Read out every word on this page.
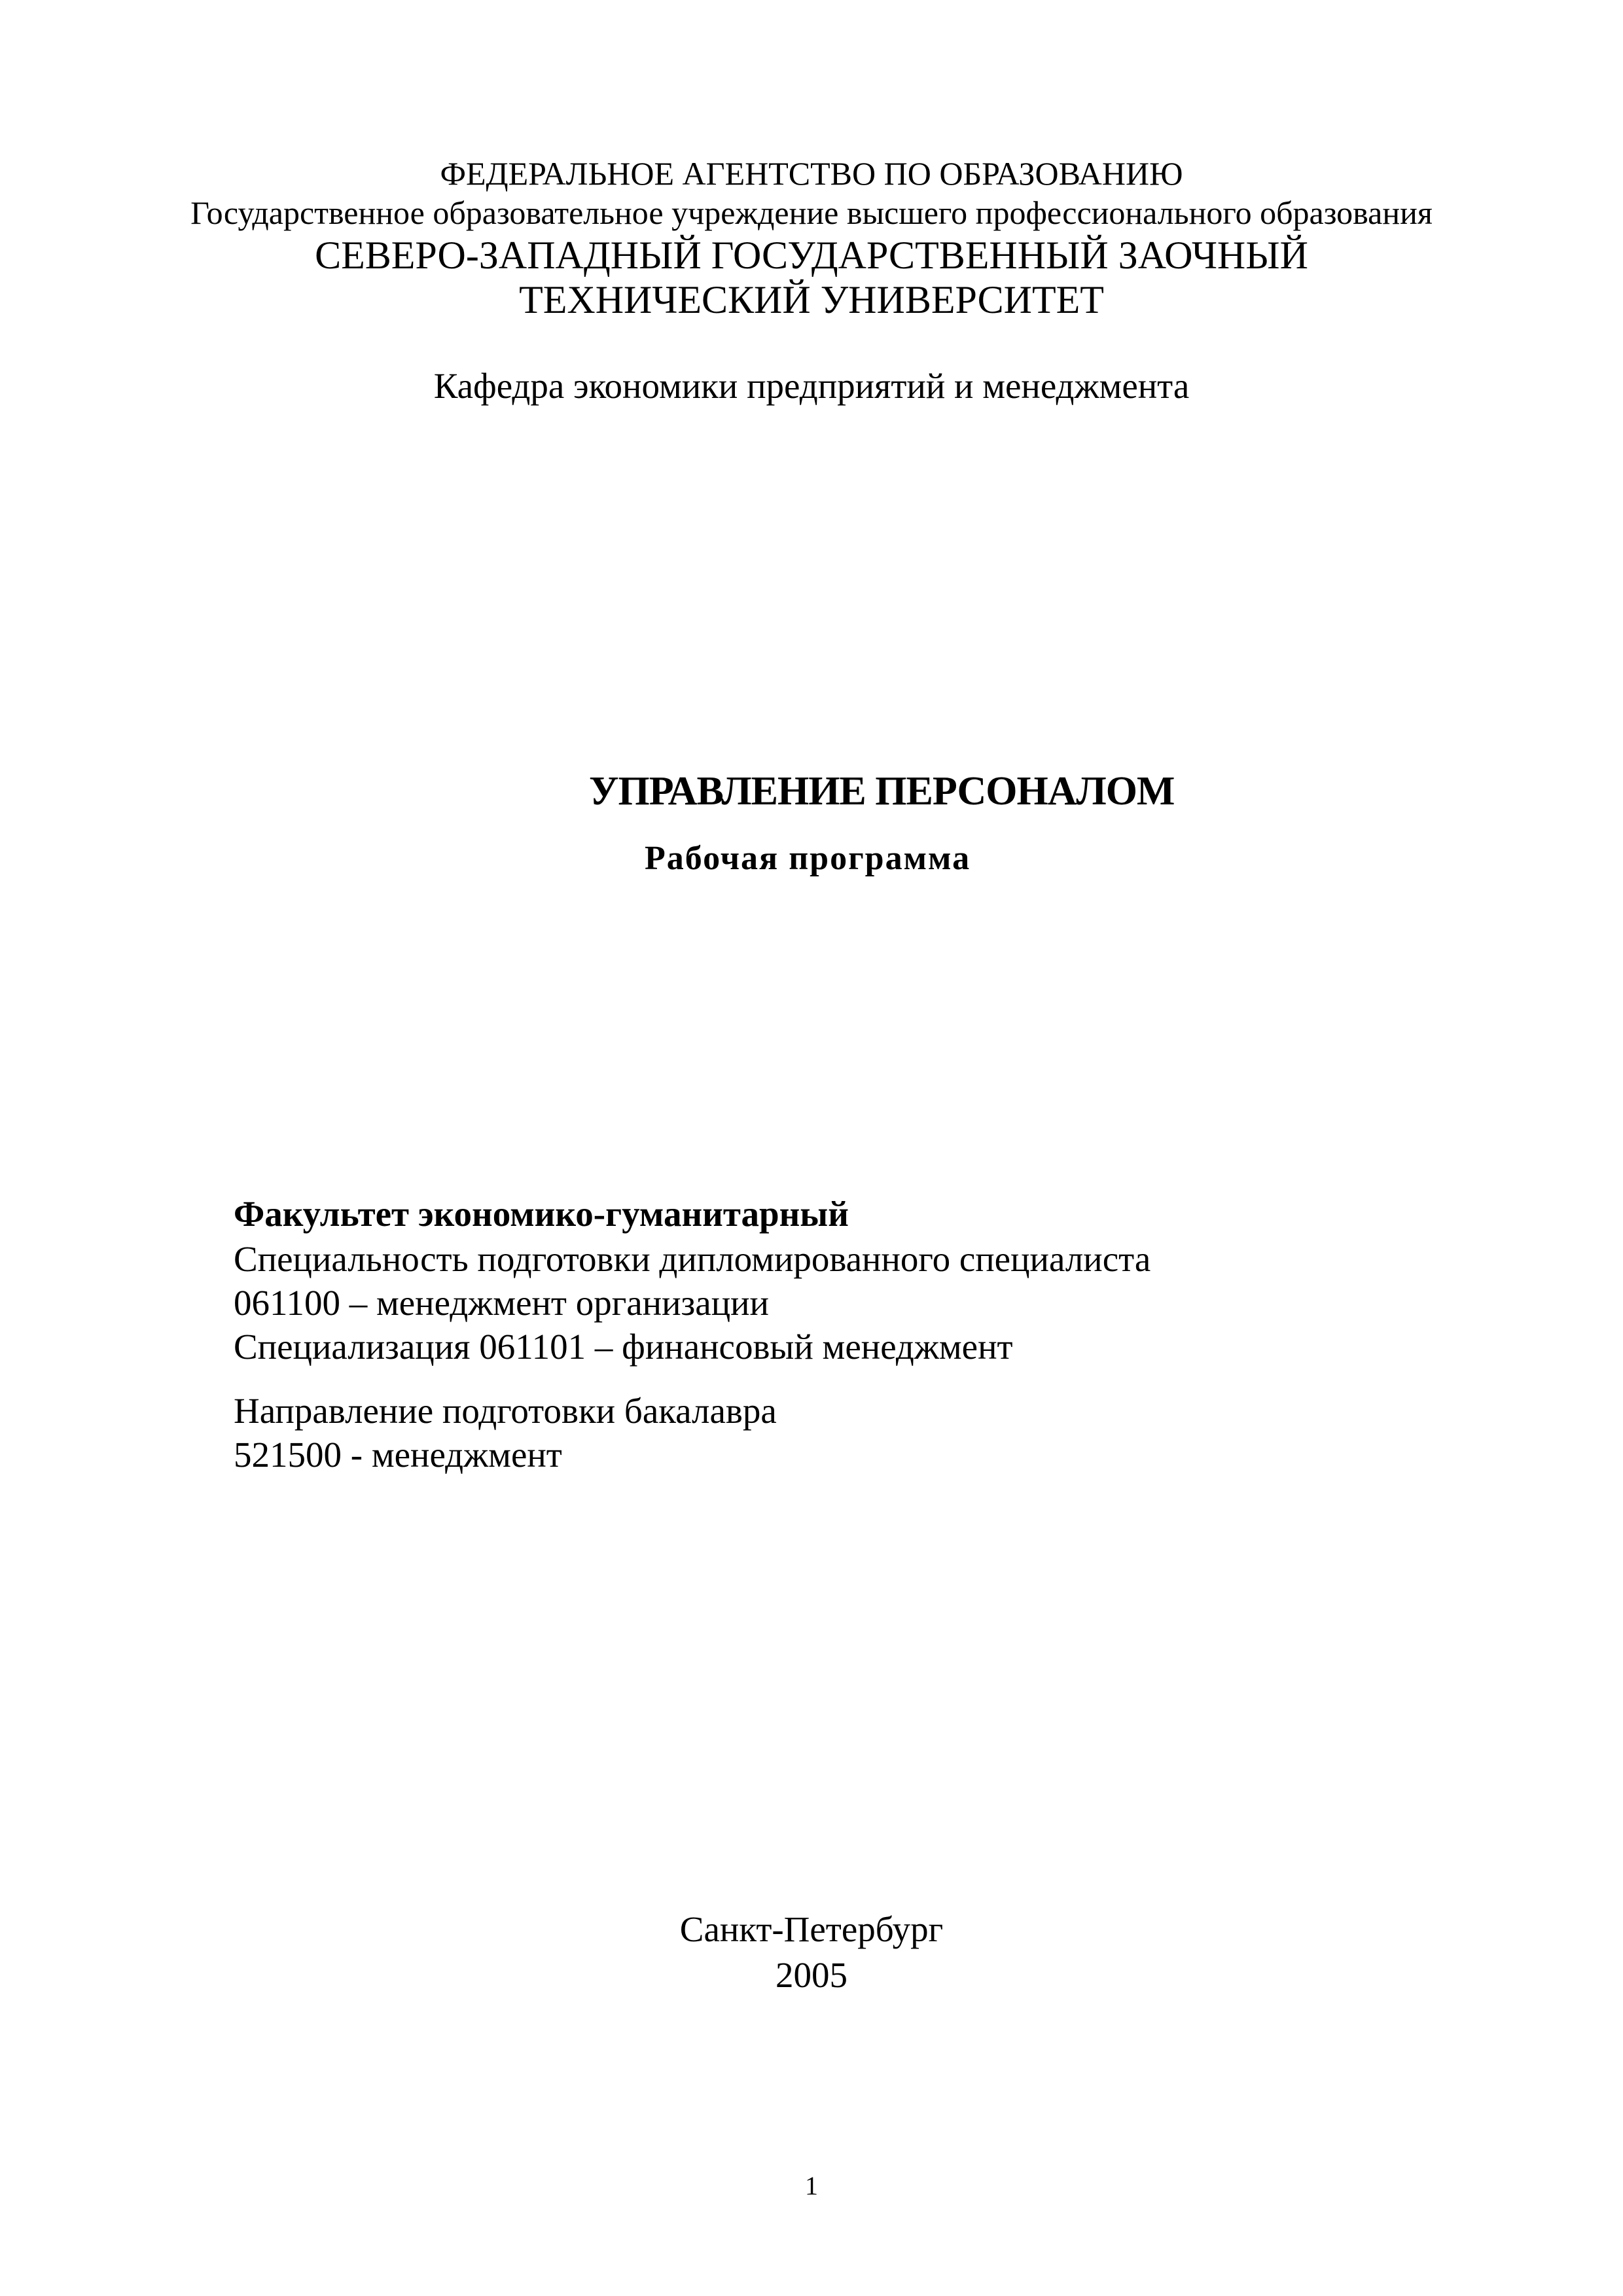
ФЕДЕРАЛЬНОЕ АГЕНТСТВО ПО ОБРАЗОВАНИЮ
Государственное образовательное учреждение высшего профессионального образования
СЕВЕРО-ЗАПАДНЫЙ ГОСУДАРСТВЕННЫЙ ЗАОЧНЫЙ
ТЕХНИЧЕСКИЙ УНИВЕРСИТЕТ
Кафедра экономики предприятий и менеджмента
УПРАВЛЕНИЕ ПЕРСОНАЛОМ
Рабочая программа
Факультет экономико-гуманитарный
Специальность подготовки дипломированного специалиста
061100 – менеджмент организации
Специализация 061101 – финансовый менеджмент
Направление подготовки бакалавра
521500 - менеджмент
Санкт-Петербург
2005
1
